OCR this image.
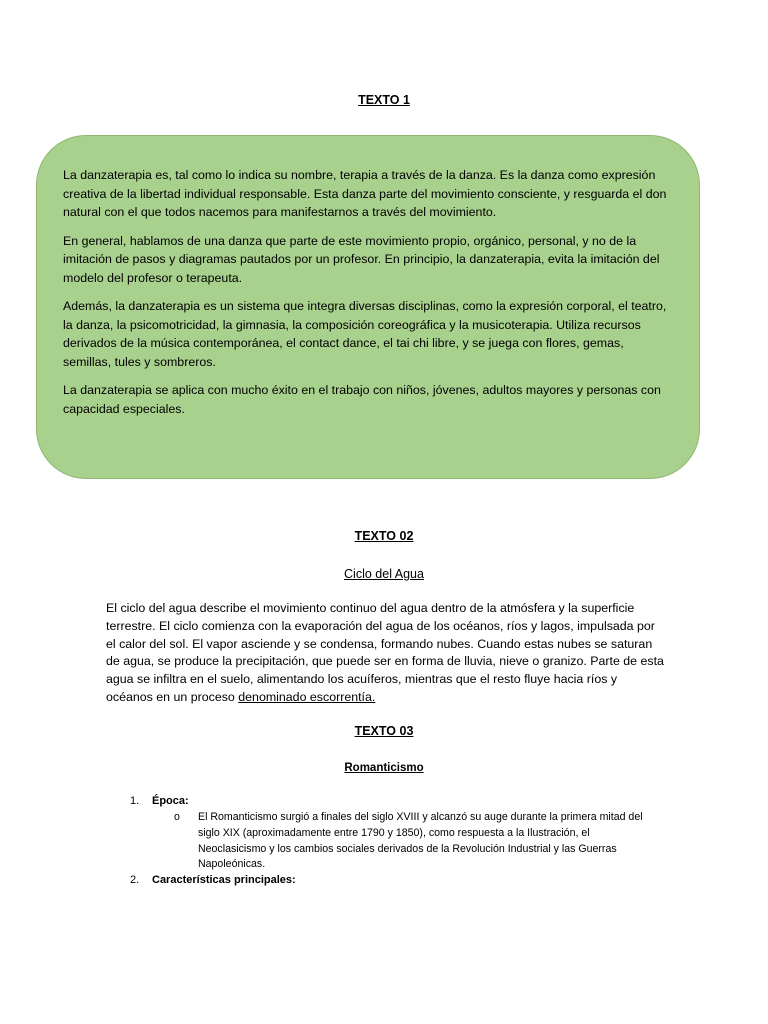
TEXTO 1

La danzaterapia es, tal como lo indica su nombre, terapia a través de la danza. Es la danza como expresión creativa de la libertad individual responsable. Esta danza parte del movimiento consciente, y resguarda el don natural con el que todos nacemos para manifestarnos a través del movimiento.

En general, hablamos de una danza que parte de este movimiento propio, orgánico, personal, y no de la imitación de pasos y diagramas pautados por un profesor. En principio, la danzaterapia, evita la imitación del modelo del profesor o terapeuta.

Además, la danzaterapia es un sistema que integra diversas disciplinas, como la expresión corporal, el teatro, la danza, la psicomotricidad, la gimnasia, la composición coreográfica y la musicoterapia. Utiliza recursos derivados de la música contemporánea, el contact dance, el tai chi libre, y se juega con flores, gemas, semillas, tules y sombreros.

La danzaterapia se aplica con mucho éxito en el trabajo con niños, jóvenes, adultos mayores y personas con capacidad especiales.

TEXTO 02
Ciclo del Agua

El ciclo del agua describe el movimiento continuo del agua dentro de la atmósfera y la superficie terrestre. El ciclo comienza con la evaporación del agua de los océanos, ríos y lagos, impulsada por el calor del sol. El vapor asciende y se condensa, formando nubes. Cuando estas nubes se saturan de agua, se produce la precipitación, que puede ser en forma de lluvia, nieve o granizo. Parte de esta agua se infiltra en el suelo, alimentando los acuíferos, mientras que el resto fluye hacia ríos y océanos en un proceso denominado escorrentía.

TEXTO 03
Romanticismo
1.	Época:
o	El Romanticismo surgió a finales del siglo XVIII y alcanzó su auge durante la primera mitad del siglo XIX (aproximadamente entre 1790 y 1850), como respuesta a la Ilustración, el Neoclasicismo y los cambios sociales derivados de la Revolución Industrial y las Guerras Napoleónicas.
2.	Características principales:
